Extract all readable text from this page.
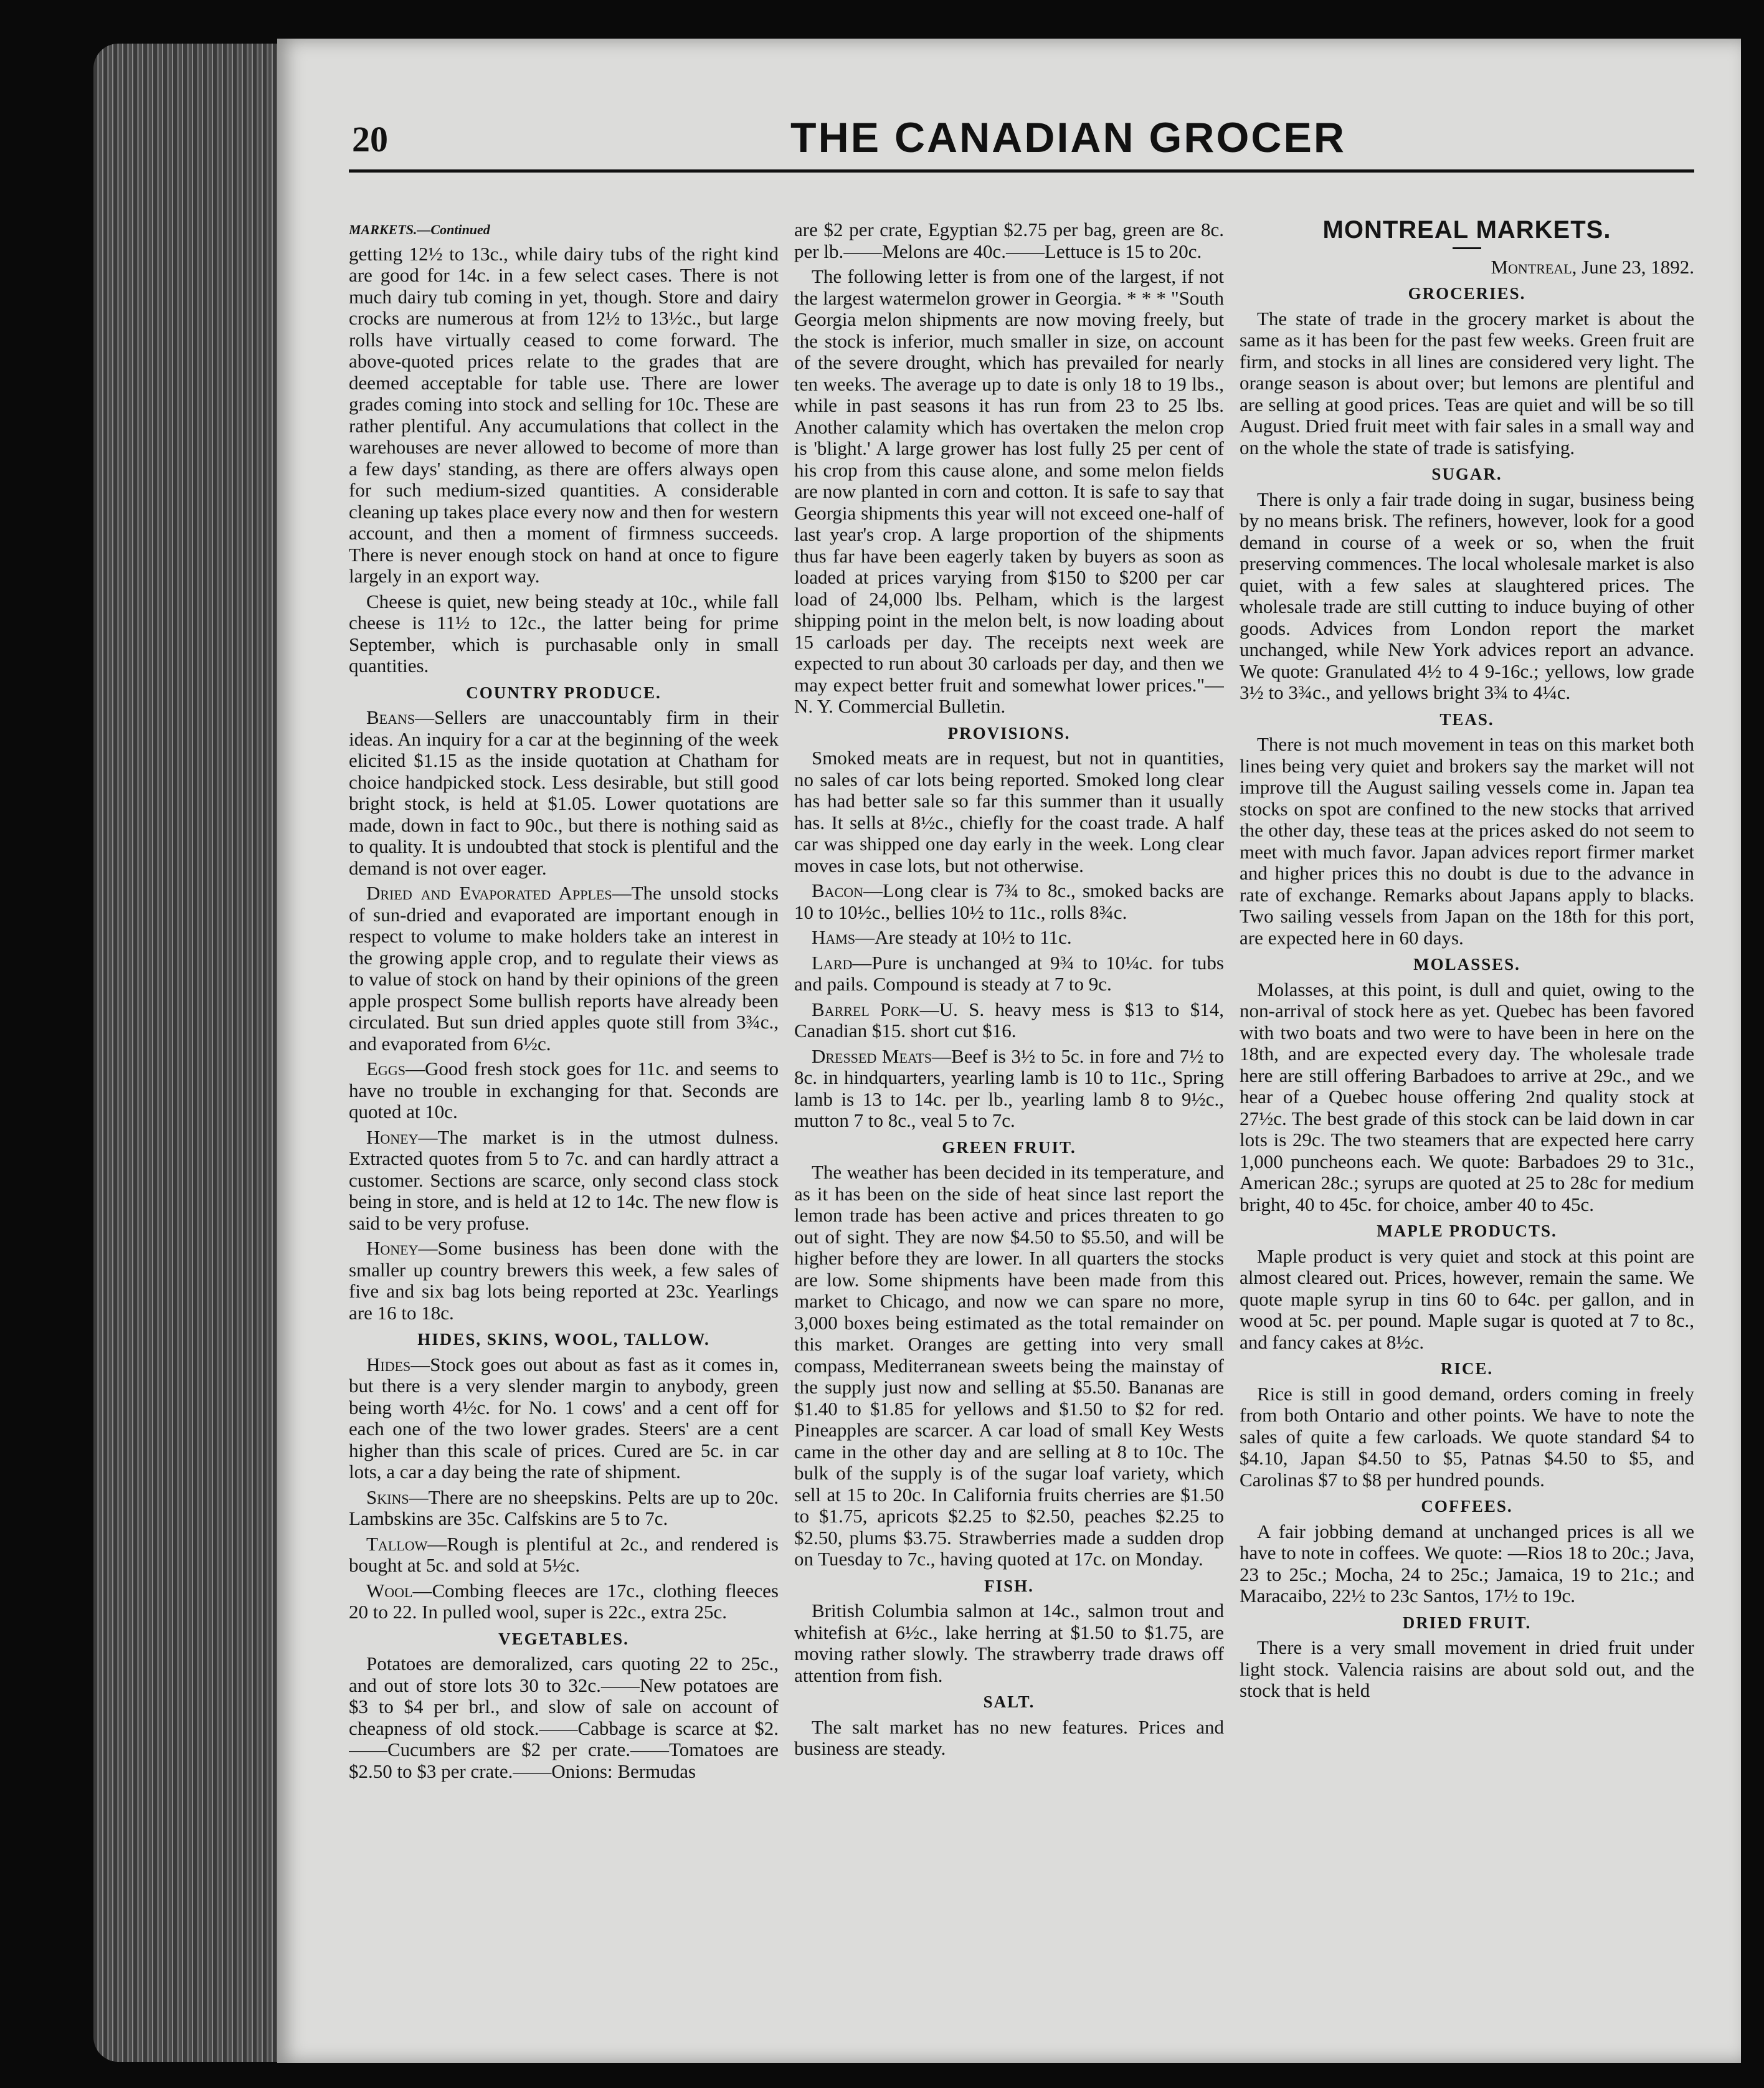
20	THE CANADIAN GROCER
MARKETS.—Continued

getting 12½ to 13c., while dairy tubs of the right kind are good for 14c. in a few select cases. There is not much dairy tub coming in yet, though. Store and dairy crocks are numerous at from 12½ to 13½c., but large rolls have virtually ceased to come forward. The above-quoted prices relate to the grades that are deemed acceptable for table use. There are lower grades coming into stock and selling for 10c. These are rather plentiful. Any accumulations that collect in the warehouses are never allowed to become of more than a few days' standing, as there are offers always open for such medium-sized quantities. A considerable cleaning up takes place every now and then for western account, and then a moment of firmness succeeds. There is never enough stock on hand at once to figure largely in an export way.

Cheese is quiet, new being steady at 10c., while fall cheese is 11½ to 12c., the latter being for prime September, which is purchasable only in small quantities.

COUNTRY PRODUCE.

Beans—Sellers are unaccountably firm in their ideas. An inquiry for a car at the beginning of the week elicited $1.15 as the inside quotation at Chatham for choice handpicked stock. Less desirable, but still good bright stock, is held at $1.05. Lower quotations are made, down in fact to 90c., but there is nothing said as to quality. It is undoubted that stock is plentiful and the demand is not over eager.

Dried and Evaporated Apples—The unsold stocks of sun-dried and evaporated are important enough in respect to volume to make holders take an interest in the growing apple crop, and to regulate their views as to value of stock on hand by their opinions of the green apple prospect Some bullish reports have already been circulated. But sun dried apples quote still from 3¾c., and evaporated from 6½c.

Eggs—Good fresh stock goes for 11c. and seems to have no trouble in exchanging for that. Seconds are quoted at 10c.

Honey—The market is in the utmost dulness. Extracted quotes from 5 to 7c. and can hardly attract a customer. Sections are scarce, only second class stock being in store, and is held at 12 to 14c. The new flow is said to be very profuse.

Honey—Some business has been done with the smaller up country brewers this week, a few sales of five and six bag lots being reported at 23c. Yearlings are 16 to 18c.

HIDES, SKINS, WOOL, TALLOW.

Hides—Stock goes out about as fast as it comes in, but there is a very slender margin to anybody, green being worth 4½c. for No. 1 cows' and a cent off for each one of the two lower grades. Steers' are a cent higher than this scale of prices. Cured are 5c. in car lots, a car a day being the rate of shipment.

Skins—There are no sheepskins. Pelts are up to 20c. Lambskins are 35c. Calfskins are 5 to 7c.

Tallow—Rough is plentiful at 2c., and rendered is bought at 5c. and sold at 5½c.

Wool—Combing fleeces are 17c., clothing fleeces 20 to 22. In pulled wool, super is 22c., extra 25c.

VEGETABLES.

Potatoes are demoralized, cars quoting 22 to 25c., and out of store lots 30 to 32c.——New potatoes are $3 to $4 per brl., and slow of sale on account of cheapness of old stock.——Cabbage is scarce at $2.——Cucumbers are $2 per crate.——Tomatoes are $2.50 to $3 per crate.——Onions: Bermudas

are $2 per crate, Egyptian $2.75 per bag, green are 8c. per lb.——Melons are 40c.——Lettuce is 15 to 20c.

The following letter is from one of the largest, if not the largest watermelon grower in Georgia. * * * "South Georgia melon shipments are now moving freely, but the stock is inferior, much smaller in size, on account of the severe drought, which has prevailed for nearly ten weeks. The average up to date is only 18 to 19 lbs., while in past seasons it has run from 23 to 25 lbs. Another calamity which has overtaken the melon crop is 'blight.' A large grower has lost fully 25 per cent of his crop from this cause alone, and some melon fields are now planted in corn and cotton. It is safe to say that Georgia shipments this year will not exceed one-half of last year's crop. A large proportion of the shipments thus far have been eagerly taken by buyers as soon as loaded at prices varying from $150 to $200 per car load of 24,000 lbs. Pelham, which is the largest shipping point in the melon belt, is now loading about 15 carloads per day. The receipts next week are expected to run about 30 carloads per day, and then we may expect better fruit and somewhat lower prices."—N. Y. Commercial Bulletin.

PROVISIONS.

Smoked meats are in request, but not in quantities, no sales of car lots being reported. Smoked long clear has had better sale so far this summer than it usually has. It sells at 8½c., chiefly for the coast trade. A half car was shipped one day early in the week. Long clear moves in case lots, but not otherwise.

Bacon—Long clear is 7¾ to 8c., smoked backs are 10 to 10½c., bellies 10½ to 11c., rolls 8¾c.

Hams—Are steady at 10½ to 11c.

Lard—Pure is unchanged at 9¾ to 10¼c. for tubs and pails. Compound is steady at 7 to 9c.

Barrel Pork—U. S. heavy mess is $13 to $14, Canadian $15. short cut $16.

Dressed Meats—Beef is 3½ to 5c. in fore and 7½ to 8c. in hindquarters, yearling lamb is 10 to 11c., Spring lamb is 13 to 14c. per lb., yearling lamb 8 to 9½c., mutton 7 to 8c., veal 5 to 7c.

GREEN FRUIT.

The weather has been decided in its temperature, and as it has been on the side of heat since last report the lemon trade has been active and prices threaten to go out of sight. They are now $4.50 to $5.50, and will be higher before they are lower. In all quarters the stocks are low. Some shipments have been made from this market to Chicago, and now we can spare no more, 3,000 boxes being estimated as the total remainder on this market. Oranges are getting into very small compass, Mediterranean sweets being the mainstay of the supply just now and selling at $5.50. Bananas are $1.40 to $1.85 for yellows and $1.50 to $2 for red. Pineapples are scarcer. A car load of small Key Wests came in the other day and are selling at 8 to 10c. The bulk of the supply is of the sugar loaf variety, which sell at 15 to 20c. In California fruits cherries are $1.50 to $1.75, apricots $2.25 to $2.50, peaches $2.25 to $2.50, plums $3.75. Strawberries made a sudden drop on Tuesday to 7c., having quoted at 17c. on Monday.

FISH.

British Columbia salmon at 14c., salmon trout and whitefish at 6½c., lake herring at $1.50 to $1.75, are moving rather slowly. The strawberry trade draws off attention from fish.

SALT.

The salt market has no new features. Prices and business are steady.

MONTREAL MARKETS.
Montreal, June 23, 1892.
GROCERIES.

The state of trade in the grocery market is about the same as it has been for the past few weeks. Green fruit are firm, and stocks in all lines are considered very light. The orange season is about over; but lemons are plentiful and are selling at good prices. Teas are quiet and will be so till August. Dried fruit meet with fair sales in a small way and on the whole the state of trade is satisfying.

SUGAR.

There is only a fair trade doing in sugar, business being by no means brisk. The refiners, however, look for a good demand in course of a week or so, when the fruit preserving commences. The local wholesale market is also quiet, with a few sales at slaughtered prices. The wholesale trade are still cutting to induce buying of other goods. Advices from London report the market unchanged, while New York advices report an advance. We quote: Granulated 4½ to 4 9-16c.; yellows, low grade 3½ to 3¾c., and yellows bright 3¾ to 4¼c.

TEAS.

There is not much movement in teas on this market both lines being very quiet and brokers say the market will not improve till the August sailing vessels come in. Japan tea stocks on spot are confined to the new stocks that arrived the other day, these teas at the prices asked do not seem to meet with much favor. Japan advices report firmer market and higher prices this no doubt is due to the advance in rate of exchange. Remarks about Japans apply to blacks. Two sailing vessels from Japan on the 18th for this port, are expected here in 60 days.

MOLASSES.

Molasses, at this point, is dull and quiet, owing to the non-arrival of stock here as yet. Quebec has been favored with two boats and two were to have been in here on the 18th, and are expected every day. The wholesale trade here are still offering Barbadoes to arrive at 29c., and we hear of a Quebec house offering 2nd quality stock at 27½c. The best grade of this stock can be laid down in car lots is 29c. The two steamers that are expected here carry 1,000 puncheons each. We quote: Barbadoes 29 to 31c., American 28c.; syrups are quoted at 25 to 28c for medium bright, 40 to 45c. for choice, amber 40 to 45c.

MAPLE PRODUCTS.

Maple product is very quiet and stock at this point are almost cleared out. Prices, however, remain the same. We quote maple syrup in tins 60 to 64c. per gallon, and in wood at 5c. per pound. Maple sugar is quoted at 7 to 8c., and fancy cakes at 8½c.

RICE.

Rice is still in good demand, orders coming in freely from both Ontario and other points. We have to note the sales of quite a few carloads. We quote standard $4 to $4.10, Japan $4.50 to $5, Patnas $4.50 to $5, and Carolinas $7 to $8 per hundred pounds.

COFFEES.

A fair jobbing demand at unchanged prices is all we have to note in coffees. We quote: —Rios 18 to 20c.; Java, 23 to 25c.; Mocha, 24 to 25c.; Jamaica, 19 to 21c.; and Maracaibo, 22½ to 23c Santos, 17½ to 19c.

DRIED FRUIT.

There is a very small movement in dried fruit under light stock. Valencia raisins are about sold out, and the stock that is held
